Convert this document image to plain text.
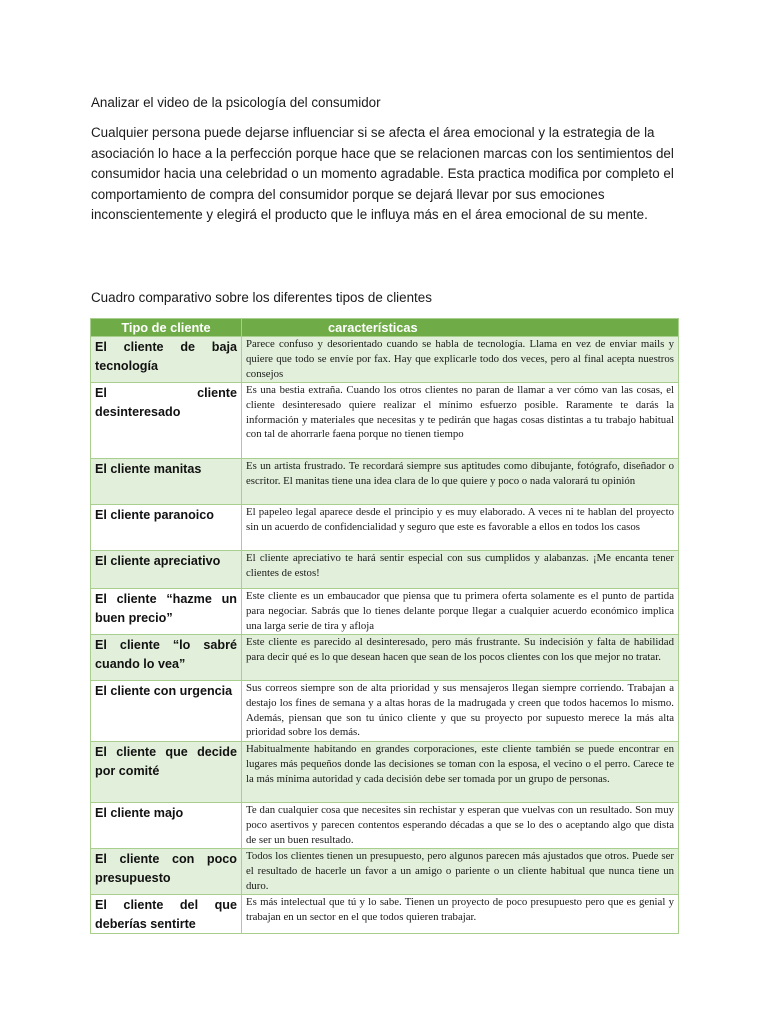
Analizar el video de la psicología del consumidor

Cualquier persona puede dejarse influenciar si se afecta el área emocional y la estrategia de la asociación lo hace a la perfección porque hace que se relacionen marcas con los sentimientos del consumidor hacia una celebridad o un momento agradable. Esta practica modifica por completo el comportamiento de compra del consumidor porque se dejará llevar por sus emociones inconscientemente y elegirá el producto que le influya más en el área emocional de su mente.

Cuadro comparativo sobre los diferentes tipos de clientes

Tipo de cliente	características
El cliente de baja tecnología	Parece confuso y desorientado cuando se habla de tecnología. Llama en vez de enviar mails y quiere que todo se envíe por fax. Hay que explicarle todo dos veces, pero al final acepta nuestros consejos
El cliente desinteresado	Es una bestia extraña. Cuando los otros clientes no paran de llamar a ver cómo van las cosas, el cliente desinteresado quiere realizar el mínimo esfuerzo posible. Raramente te darás la información y materiales que necesitas y te pedirán que hagas cosas distintas a tu trabajo habitual con tal de ahorrarle faena porque no tienen tiempo
El cliente manitas	Es un artista frustrado. Te recordará siempre sus aptitudes como dibujante, fotógrafo, diseñador o escritor. El manitas tiene una idea clara de lo que quiere y poco o nada valorará tu opinión
El cliente paranoico	El papeleo legal aparece desde el principio y es muy elaborado. A veces ni te hablan del proyecto sin un acuerdo de confidencialidad y seguro que este es favorable a ellos en todos los casos
El cliente apreciativo	El cliente apreciativo te hará sentir especial con sus cumplidos y alabanzas. ¡Me encanta tener clientes de estos!
El cliente “hazme un buen precio”	Este cliente es un embaucador que piensa que tu primera oferta solamente es el punto de partida para negociar. Sabrás que lo tienes delante porque llegar a cualquier acuerdo económico implica una larga serie de tira y afloja
El cliente “lo sabré cuando lo vea”	Este cliente es parecido al desinteresado, pero más frustrante. Su indecisión y falta de habilidad para decir qué es lo que desean hacen que sean de los pocos clientes con los que mejor no tratar.
El cliente con urgencia	Sus correos siempre son de alta prioridad y sus mensajeros llegan siempre corriendo. Trabajan a destajo los fines de semana y a altas horas de la madrugada y creen que todos hacemos lo mismo. Además, piensan que son tu único cliente y que su proyecto por supuesto merece la más alta prioridad sobre los demás.
El cliente que decide por comité	Habitualmente habitando en grandes corporaciones, este cliente también se puede encontrar en lugares más pequeños donde las decisiones se toman con la esposa, el vecino o el perro. Carece te la más mínima autoridad y cada decisión debe ser tomada por un grupo de personas.
El cliente majo	Te dan cualquier cosa que necesites sin rechistar y esperan que vuelvas con un resultado. Son muy poco asertivos y parecen contentos esperando décadas a que se lo des o aceptando algo que dista de ser un buen resultado.
El cliente con poco presupuesto	Todos los clientes tienen un presupuesto, pero algunos parecen más ajustados que otros. Puede ser el resultado de hacerle un favor a un amigo o pariente o un cliente habitual que nunca tiene un duro.
El cliente del que deberías sentirte	Es más intelectual que tú y lo sabe. Tienen un proyecto de poco presupuesto pero que es genial y trabajan en un sector en el que todos quieren trabajar.
